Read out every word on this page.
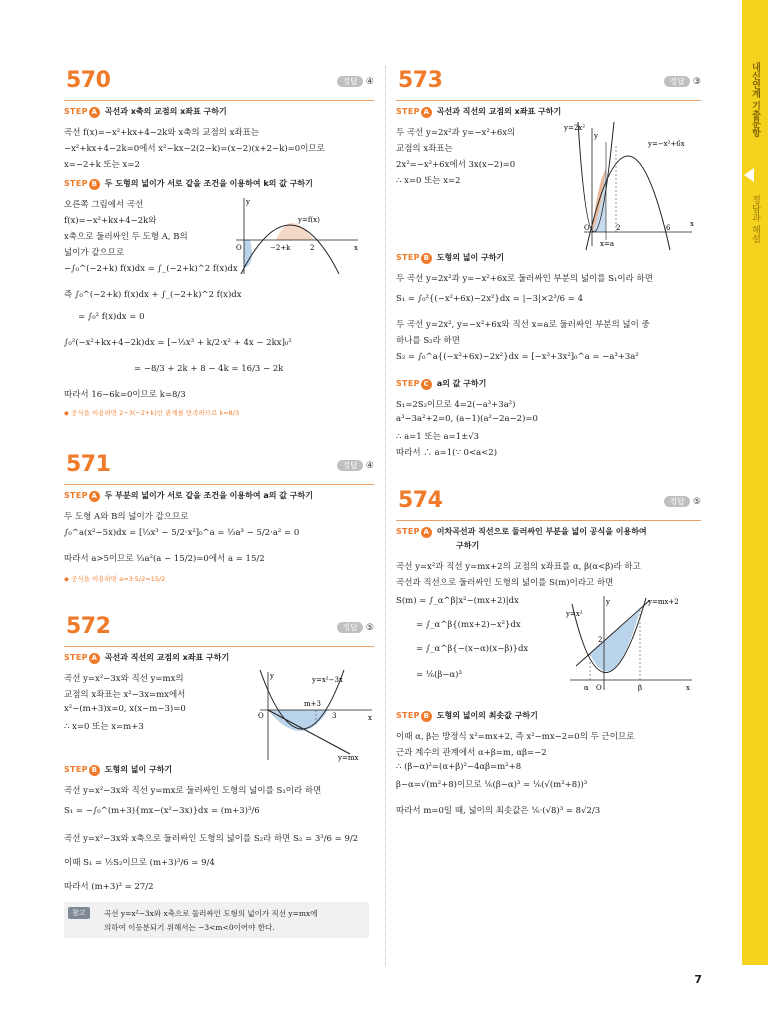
내신연계 기출문항
정답과 해설
7
570	정답 ④
STEP A 곡선과 x축의 교점의 x좌표 구하기
곡선 f(x)=−x²+kx+4−2k와 x축의 교점의 x좌표는
−x²+kx+4−2k=0에서 x²−kx−2(2−k)=(x−2)(x+2−k)=0이므로
x=−2+k 또는 x=2
STEP B 두 도형의 넓이가 서로 같을 조건을 이용하여 k의 값 구하기
오른쪽 그림에서 곡선
f(x)=−x²+kx+4−2k와
x축으로 둘러싸인 두 도형 A, B의
넓이가 같으므로
−∫₀^(−2+k) f(x)dx = ∫_(−2+k)^2 f(x)dx
즉 ∫₀^(−2+k) f(x)dx + ∫_(−2+k)^2 f(x)dx
= ∫₀² f(x)dx = 0
∫₀²(−x²+kx+4−2k)dx = [−⅓x³ + k/2·x² + 4x − 2kx]₀²
= −8/3 + 2k + 8 − 4k = 16/3 − 2k
따라서 16−6k=0이므로 k=8/3
◆ 공식을 이용하면 2−3(−2+k)인 관계를 만족하므로 k=8/3
y
x
O	−2+k	2
y=f(x)
571	정답 ④
STEP A 두 부분의 넓이가 서로 같을 조건을 이용하여 a의 값 구하기
두 도형 A와 B의 넓이가 같으므로
∫₀^a(x²−5x)dx = [⅓x³ − 5/2·x²]₀^a = ⅓a³ − 5/2·a² = 0
따라서 a>5이므로 ⅓a²(a − 15/2)=0에서 a = 15/2
◆ 공식을 이용하면 a=3·5/2=15/2
572	정답 ⑤
STEP A 곡선과 직선의 교점의 x좌표 구하기
곡선 y=x²−3x와 직선 y=mx의
교점의 x좌표는 x²−3x=mx에서
x²−(m+3)x=0, x(x−m−3)=0
∴ x=0 또는 x=m+3
STEP B 도형의 넓이 구하기
곡선 y=x²−3x와 직선 y=mx로 둘러싸인 도형의 넓이를 S₁이라 하면
S₁ = −∫₀^(m+3){mx−(x²−3x)}dx = (m+3)³/6
곡선 y=x²−3x와 x축으로 둘러싸인 도형의 넓이를 S₂라 하면 S₂ = 3³/6 = 9/2
이때 S₁ = ½S₂이므로 (m+3)³/6 = 9/4
따라서 (m+3)³ = 27/2
참고	곡선 y=x²−3x와 x축으로 둘러싸인 도형의 넓이가 직선 y=mx에
의하여 이등분되기 위해서는 −3<m<0이어야 한다.
y
x
O
m+3
3
y=x²−3x
y=mx
573	정답 ③
STEP A 곡선과 직선의 교점의 x좌표 구하기
두 곡선 y=2x²과 y=−x²+6x의
교점의 x좌표는
2x²=−x²+6x에서 3x(x−2)=0
∴ x=0 또는 x=2
STEP B 도형의 넓이 구하기
두 곡선 y=2x²과 y=−x²+6x로 둘러싸인 부분의 넓이를 S₁이라 하면
S₁ = ∫₀²{(−x²+6x)−2x²}dx = |−3|×2³/6 = 4
두 곡선 y=2x², y=−x²+6x와 직선 x=a로 둘러싸인 부분의 넓이 중
하나를 S₂라 하면
S₂ = ∫₀^a{(−x²+6x)−2x²}dx = [−x³+3x²]₀^a = −a³+3a²
STEP C a의 값 구하기
S₁=2S₂이므로 4=2(−a³+3a²)
a³−3a²+2=0, (a−1)(a²−2a−2)=0
∴ a=1 또는 a=1±√3
따라서 ∴ a=1(∵ 0<a<2)
y
x
O	2	6
x=a
y=2x²
y=−x²+6x
574	정답 ⑤
STEP A 이차곡선과 직선으로 둘러싸인 부분을 넓이 공식을 이용하여
구하기
곡선 y=x²과 직선 y=mx+2의 교점의 x좌표를 α, β(α<β)라 하고
곡선과 직선으로 둘러싸인 도형의 넓이를 S(m)이라고 하면
S(m) = ∫_α^β|x²−(mx+2)|dx
= ∫_α^β{(mx+2)−x²}dx
= ∫_α^β{−(x−α)(x−β)}dx
= ⅙(β−α)³
STEP B 도형의 넓이의 최솟값 구하기
이때 α, β는 방정식 x²=mx+2, 즉 x²−mx−2=0의 두 근이므로
근과 계수의 관계에서 α+β=m, αβ=−2
∴ (β−α)²=(α+β)²−4αβ=m²+8
β−α=√(m²+8)이므로 ⅙(β−α)³ = ⅙(√(m²+8))³
따라서 m=0일 때, 넓이의 최솟값은 ⅙·(√8)³ = 8√2/3
y
x
O
2
α	β
y=x²
y=mx+2
